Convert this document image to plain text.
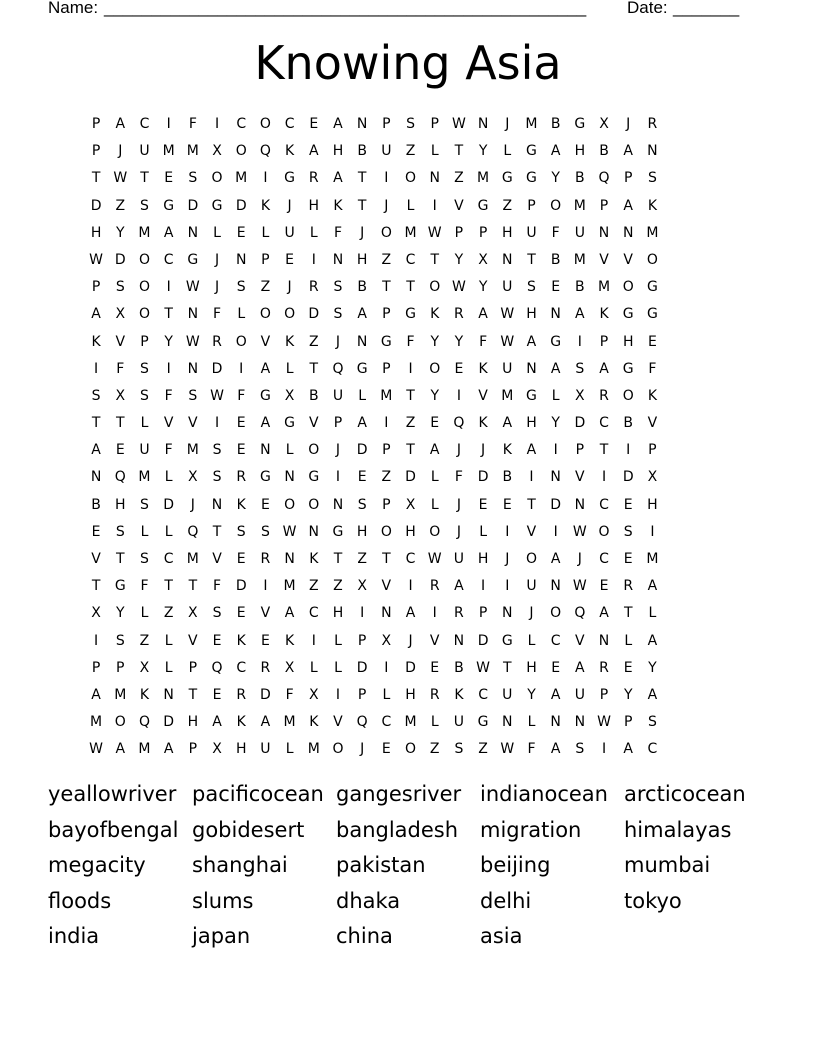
Name: ___________________________________________________ Date: _______
Knowing Asia
P	A	C	I	F	I	C O C	E	A	N	P	S	P W N	J	M B G X	J	R
P	J	U M M X O Q	K	A	H	B	U	Z	L	T	Y	L	G A	H	B	A	N
T W T	E	S	O M	I	G R	A	T	I	O N	Z M G G	Y	B Q	P	S
D	Z	S	G D G D	K	J	H	K	T	J	L	I	V G Z	P	O M P	A	K
H	Y M A	N	L	E	L	U	L	F	J	O M W P	P	H U	F	U N N M
W D O C G	J	N	P	E	I	N H	Z	C	T	Y	X	N	T	B M V	V O
P	S	O	I	W	J	S	Z	J	R	S	B	T	T	O W Y	U	S	E	B M O G
A	X O	T	N	F	L	O O D	S	A	P	G	K	R	A W H N	A	K	G G
K	V	P	Y W R O V	K	Z	J	N G	F	Y	Y	F W A G	I	P	H	E
I	F	S	I	N D	I	A	L	T	Q G	P	I	O	E	K	U N	A	S	A G	F
S	X	S	F	S W F	G X	B	U	L	M T	Y	I	V M G	L	X	R O	K
T	T	L	V	V	I	E	A G V	P	A	I	Z	E	Q	K	A	H	Y	D C	B	V
A	E	U	F	M S	E	N	L	O	J	D	P	T	A	J	J	K	A	I	P	T	I	P
N Q M	L	X	S	R G N G	I	E	Z	D	L	F	D B	I	N	V	I	D	X
B	H	S	D	J	N	K	E	O O N	S	P	X	L	J	E	E	T	D N	C	E	H
E	S	L	L	Q	T	S	S W N G H O H O	J	L	I	V	I	W O	S	I
V	T	S	C M V	E	R	N	K	T	Z	T	C W U H	J	O A	J	C	E M
T	G	F	T	T	F	D	I	M Z	Z	X	V	I	R	A	I	I	U N W E	R	A
X	Y	L	Z	X	S	E	V	A	C	H	I	N	A	I	R	P	N	J	O Q A	T	L
I	S	Z	L	V	E	K	E	K	I	L	P	X	J	V	N D G	L	C	V	N	L	A
P	P	X	L	P	Q C	R	X	L	L	D	I	D	E	B W T	H	E	A	R	E	Y
A M K	N	T	E	R D	F	X	I	P	L	H	R	K	C	U	Y	A	U	P	Y	A
M O Q D H	A	K	A M K	V Q C M	L	U G N	L	N N W P	S
W A M A	P	X	H U	L	M O	J	E	O Z	S	Z W F	A	S	I	A	C
yeallowriver pacificocean gangesriver indianocean arcticocean
bayofbengal gobidesert	bangladesh	migration	himalayas
megacity	shanghai	pakistan	beijing	mumbai
floods	slums	dhaka	delhi	tokyo
india	japan	china	asia
